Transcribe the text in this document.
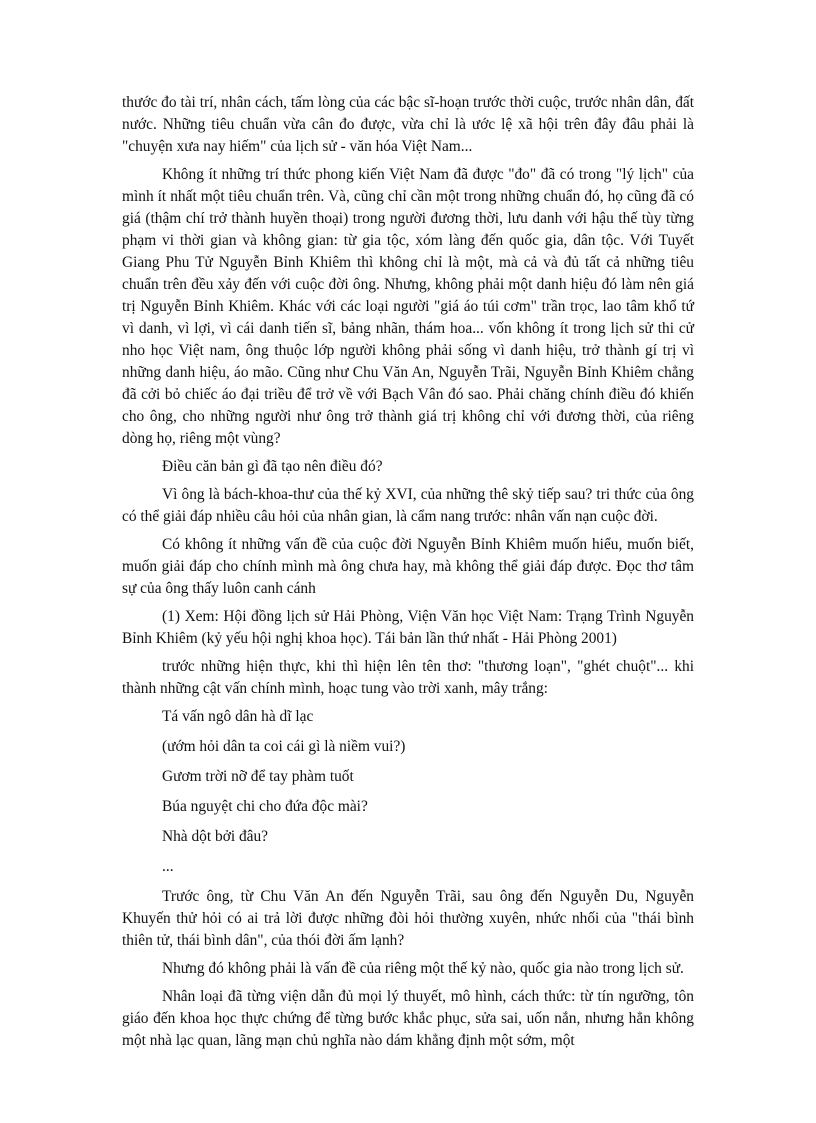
thước đo tài trí, nhân cách, tấm lòng của các bậc sĩ-hoạn trước thời cuộc, trước nhân dân, đất nước. Những tiêu chuẩn vừa cân đo được, vừa chỉ là ước lệ xã hội trên đây đâu phải là "chuyện xưa nay hiếm" của lịch sử - văn hóa Việt Nam...

Không ít những trí thức phong kiến Việt Nam đã được "đo" đã có trong "lý lịch" của mình ít nhất một tiêu chuẩn trên. Và, cũng chỉ cần một trong những chuẩn đó, họ cũng đã có giá (thậm chí trở thành huyền thoại) trong người đương thời, lưu danh với hậu thế tùy từng phạm vi thời gian và không gian: từ gia tộc, xóm làng đến quốc gia, dân tộc. Với Tuyết Giang Phu Tử Nguyễn Bỉnh Khiêm thì không chỉ là một, mà cả và đủ tất cả những tiêu chuẩn trên đều xảy đến với cuộc đời ông. Nhưng, không phải một danh hiệu đó làm nên giá trị Nguyễn Bỉnh Khiêm. Khác với các loại người "giá áo túi cơm" trần trọc, lao tâm khổ tứ vì danh, vì lợi, vì cái danh tiến sĩ, bảng nhãn, thám hoa... vốn không ít trong lịch sử thi cử nho học Việt nam, ông thuộc lớp người không phải sống vì danh hiệu, trở thành gí trị vì những danh hiệu, áo mão. Cũng như Chu Văn An, Nguyễn Trãi, Nguyễn Bỉnh Khiêm chẳng đã cởi bỏ chiếc áo đại triều để trở về với Bạch Vân đó sao. Phải chăng chính điều đó khiến cho ông, cho những người như ông trở thành giá trị không chỉ với đương thời, của riêng dòng họ, riêng một vùng?

Điều căn bản gì đã tạo nên điều đó?

Vì ông là bách-khoa-thư của thế kỷ XVI, của những thê skỷ tiếp sau? tri thức của ông có thể giải đáp nhiều câu hỏi của nhân gian, là cẩm nang trước: nhân vấn nạn cuộc đời.

Có không ít những vấn đề của cuộc đời Nguyễn Bỉnh Khiêm muốn hiểu, muốn biết, muốn giải đáp cho chính mình mà ông chưa hay, mà không thể giải đáp được. Đọc thơ tâm sự của ông thấy luôn canh cánh

(1) Xem: Hội đồng lịch sử Hải Phòng, Viện Văn học Việt Nam: Trạng Trình Nguyễn Bỉnh Khiêm (kỷ yếu hội nghị khoa học). Tái bản lần thứ nhất - Hải Phòng 2001)

trước những hiện thực, khi thì hiện lên tên thơ: "thương loạn", "ghét chuột"... khi thành những cật vấn chính mình, hoạc tung vào trời xanh, mây trắng:

Tá vấn ngô dân hà dĩ lạc

(ướm hỏi dân ta coi cái gì là niềm vui?)

Gươm trời nỡ để tay phàm tuốt

Búa nguyệt chi cho đứa độc mài?

Nhà dột bởi đâu?

...

Trước ông, từ Chu Văn An đến Nguyễn Trãi, sau ông đến Nguyễn Du, Nguyễn Khuyến thử hỏi có ai trả lời được những đòi hỏi thường xuyên, nhức nhối của "thái bình thiên tử, thái bình dân", của thói đời ấm lạnh?

Nhưng đó không phải là vấn đề của riêng một thế kỷ nào, quốc gia nào trong lịch sử.

Nhân loại đã từng viện dẫn đủ mọi lý thuyết, mô hình, cách thức: từ tín ngưỡng, tôn giáo đến khoa học thực chứng để từng bước khắc phục, sửa sai, uốn nắn, nhưng hẳn không một nhà lạc quan, lãng mạn chủ nghĩa nào dám khẳng định một sớm, một
